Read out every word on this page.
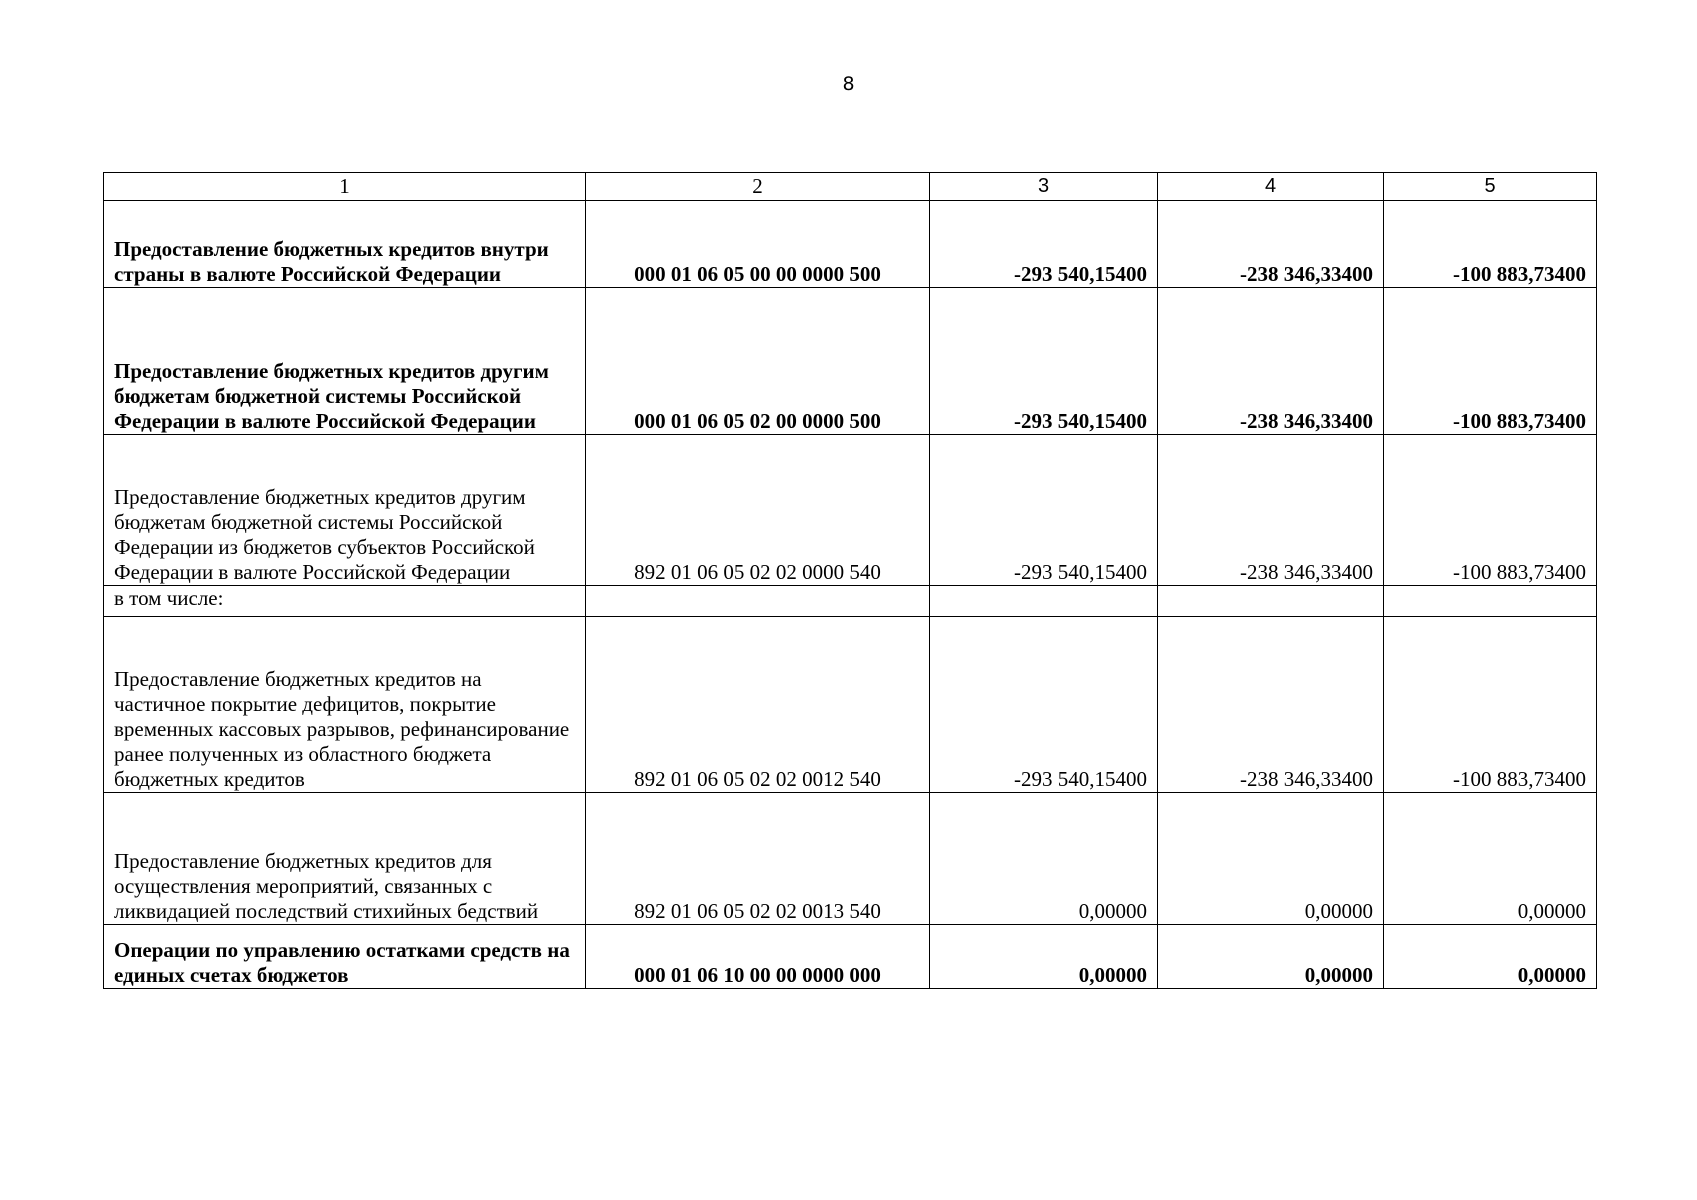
8
1	2	3	4	5
Предоставление бюджетных кредитов внутри страны в валюте Российской Федерации	000 01 06 05 00 00 0000 500	-293 540,15400	-238 346,33400	-100 883,73400
Предоставление бюджетных кредитов другим бюджетам бюджетной системы Российской Федерации в валюте Российской Федерации	000 01 06 05 02 00 0000 500	-293 540,15400	-238 346,33400	-100 883,73400
Предоставление бюджетных кредитов другим бюджетам бюджетной системы Российской Федерации из бюджетов субъектов Российской Федерации в валюте Российской Федерации	892 01 06 05 02 02 0000 540	-293 540,15400	-238 346,33400	-100 883,73400
в том числе:				
Предоставление бюджетных кредитов на частичное покрытие дефицитов, покрытие временных кассовых разрывов, рефинансирование ранее полученных из областного бюджета бюджетных кредитов	892 01 06 05 02 02 0012 540	-293 540,15400	-238 346,33400	-100 883,73400
Предоставление бюджетных кредитов для осуществления мероприятий, связанных с ликвидацией последствий стихийных бедствий	892 01 06 05 02 02 0013 540	0,00000	0,00000	0,00000
Операции по управлению остатками средств на единых счетах бюджетов	000 01 06 10 00 00 0000 000	0,00000	0,00000	0,00000
